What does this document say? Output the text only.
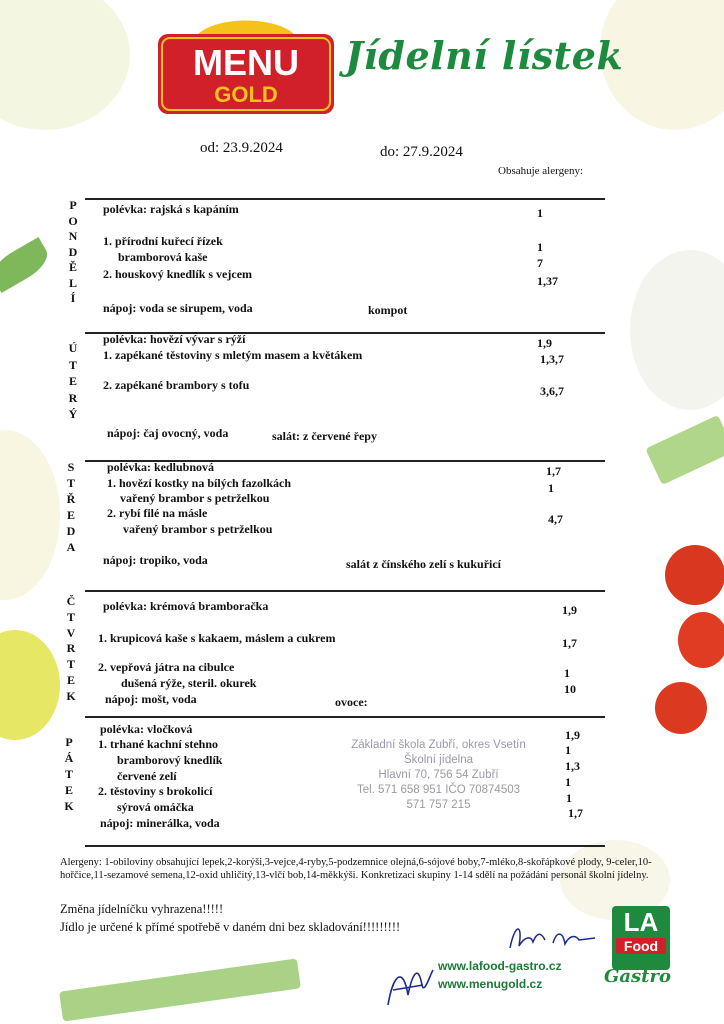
MENU
GOLD
Jídelní lístek
od: 23.9.2024	do: 27.9.2024
Obsahuje alergeny:
P
O
N
D
Ě
L
Í
polévka: rajská s kapáním	1
1. přírodní kuřecí řízek	1
bramborová kaše	7
2. houskový knedlík s vejcem	1,37
nápoj: voda se sirupem, voda	kompot
Ú
T
E
R
Ý
polévka: hovězí vývar s rýží	1,9
1. zapékané těstoviny s mletým masem a květákem	1,3,7
2. zapékané brambory s tofu	3,6,7
nápoj: čaj ovocný, voda	salát: z červené řepy
S
T
Ř
E
D
A
polévka: kedlubnová	1,7
1. hovězí kostky na bílých fazolkách	1
vařený brambor s petrželkou
2. rybí filé na másle	4,7
vařený brambor s petrželkou
nápoj: tropiko, voda	salát z čínského zelí s kukuřicí
Č
T
V
R
T
E
K
polévka: krémová bramboračka	1,9
1. krupicová kaše s kakaem, máslem a cukrem	1,7
2. vepřová játra na cibulce	1
dušená rýže, steril. okurek	10
nápoj: mošt, voda	ovoce:
P
Á
T
E
K
polévka: vločková	1,9
1. trhané kachní stehno	1
bramborový knedlík	1,3
červené zelí	1
2. těstoviny s brokolicí	1
sýrová omáčka	1,7
nápoj: minerálka, voda
Základní škola Zubří, okres Vsetín
Školní jídelna
Hlavní 70, 756 54 Zubří
Tel. 571 658 951 IČO 70874503
571 757 215
Alergeny: 1-obiloviny obsahující lepek,2-korýši,3-vejce,4-ryby,5-podzemnice olejná,6-sójové boby,7-mléko,8-skořápkové plody, 9-celer,10-hořčice,11-sezamové semena,12-oxid uhličitý,13-vlčí bob,14-měkkýši. Konkretizaci skupiny 1-14 sdělí na požádání personál školní jídelny.
Změna jídelníčku vyhrazena!!!!!
Jídlo je určené k přímé spotřebě v daném dni bez skladování!!!!!!!!!
www.lafood-gastro.cz
www.menugold.cz
LA
Food
Gastro
